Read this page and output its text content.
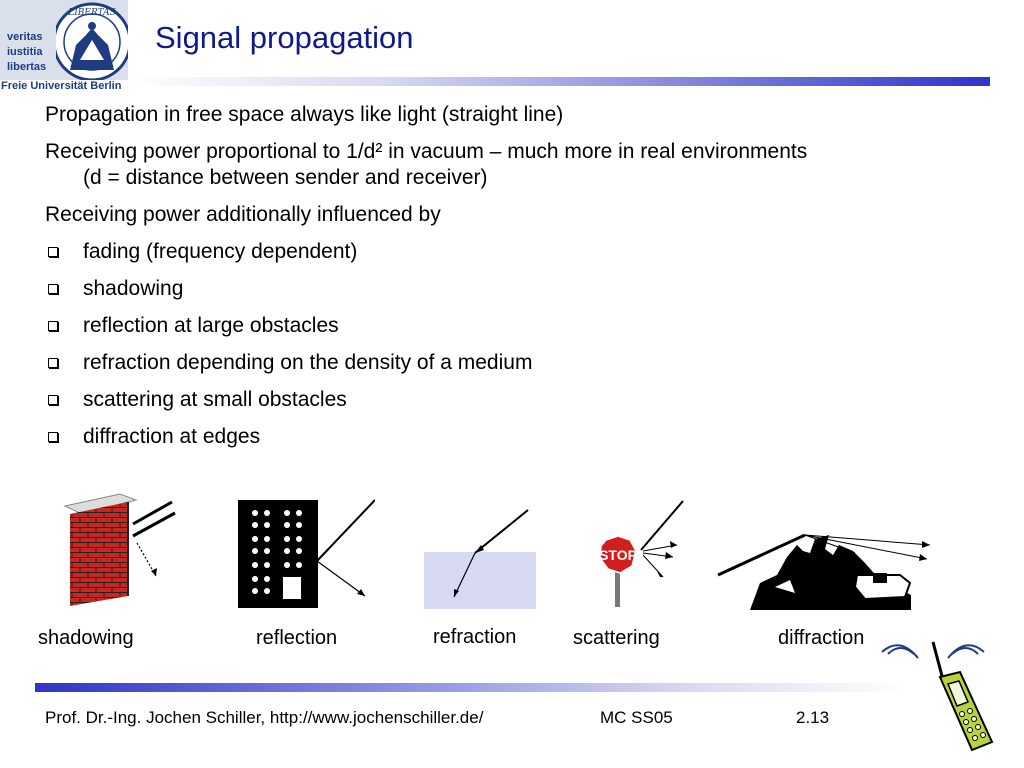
veritas
iustitia
libertas
LIBERTAS
Freie Universität Berlin
Signal propagation
Propagation in free space always like light (straight line)
Receiving power proportional to 1/d² in vacuum – much more in real environments
(d = distance between sender and receiver)
Receiving power additionally influenced by
fading (frequency dependent)
shadowing
reflection at large obstacles
refraction depending on the density of a medium
scattering at small obstacles
diffraction at edges
shadowing	reflection	refraction
STOP
scattering	diffraction
Prof. Dr.-Ing. Jochen Schiller, http://www.jochenschiller.de/	MC SS05	2.13
